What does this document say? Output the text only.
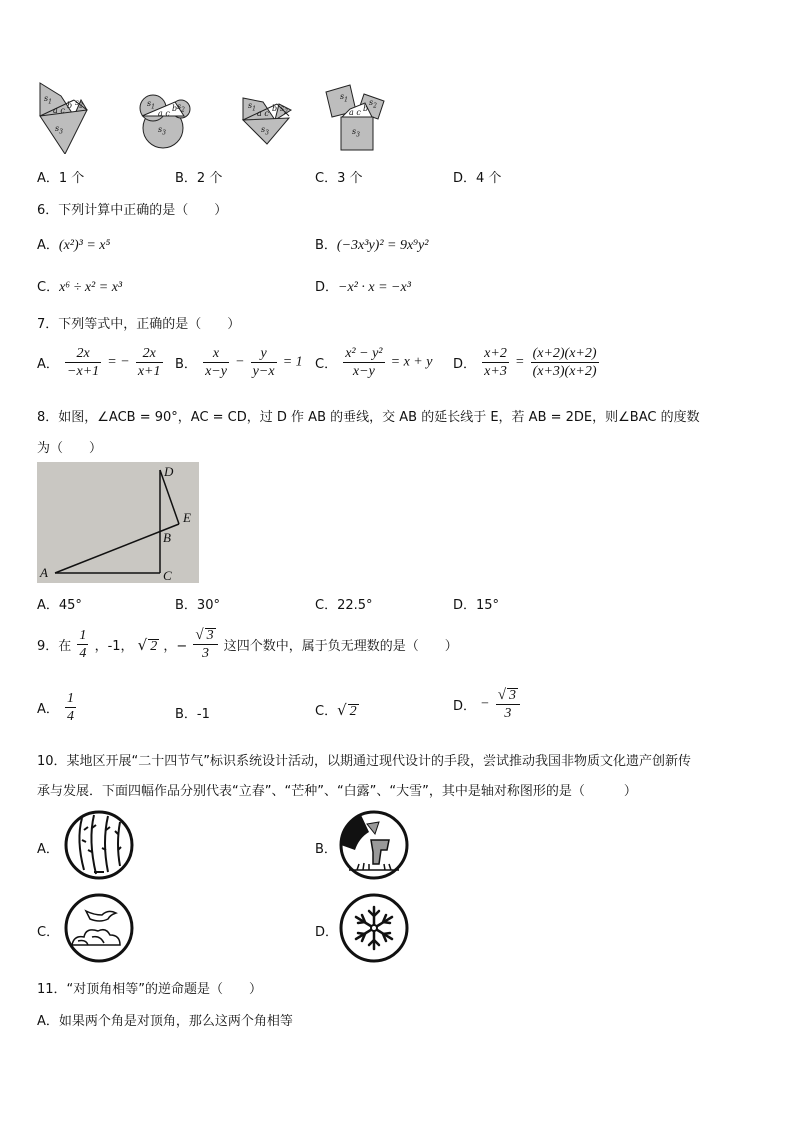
$s_1$	$s_2$
$s_3$
a c
b	$s_1$	$s_2$
$s_3$
a c
b	$s_1$	$s_2$
$s_3$
a c
b
$s_1$	$s_2$
$s_3$
a c b
A．1 个	B．2 个	C．3 个	D．4 个
6．下列计算中正确的是（　　）
A．(x²)³ = x⁵	B．(−3x³y)² = 9x⁹y²
C．x⁶ ÷ x² = x³	D．−x² · x = −x³
7．下列等式中，正确的是（　　）
A． $\frac{2x}{-x+1}$ = − $\frac{2x}{x+1}$ B． $\frac{x}{x-y} - \frac{y}{y-x} = 1$ C． $\frac{\text{x² − y²}}{x-y} = x + y$ D． $\frac{x+2}{x+3} = \frac{(x+2)(x+2)}{(x+3)(x+2)}$
8．如图，∠ACB = 90°，AC = CD，过 D 作 AB 的垂线，交 AB 的延长线于 E，若 AB = 2DE，则∠BAC 的度数
为（　　）
A	C
D
E
B
A．45°	B．30°	C．22.5°	D．15°
9．在 $\frac{1}{4}$ ，-1， √ 2 ，− $\frac{√ 3}{3}$ 这四个数中，属于负无理数的是（　　）
A． $\frac{1}{4}$	B．-1	C．√ 2	D． − $\frac{√ 3}{3}$
10．某地区开展“二十四节气”标识系统设计活动，以期通过现代设计的手段，尝试推动我国非物质文化遗产创新传
承与发展．下面四幅作品分别代表“立春”、“芒种”、“白露”、“大雪”，其中是轴对称图形的是（　　　）
A．	B．
C．	D．
11．“对顶角相等”的逆命题是（　　）
A．如果两个角是对顶角，那么这两个角相等
